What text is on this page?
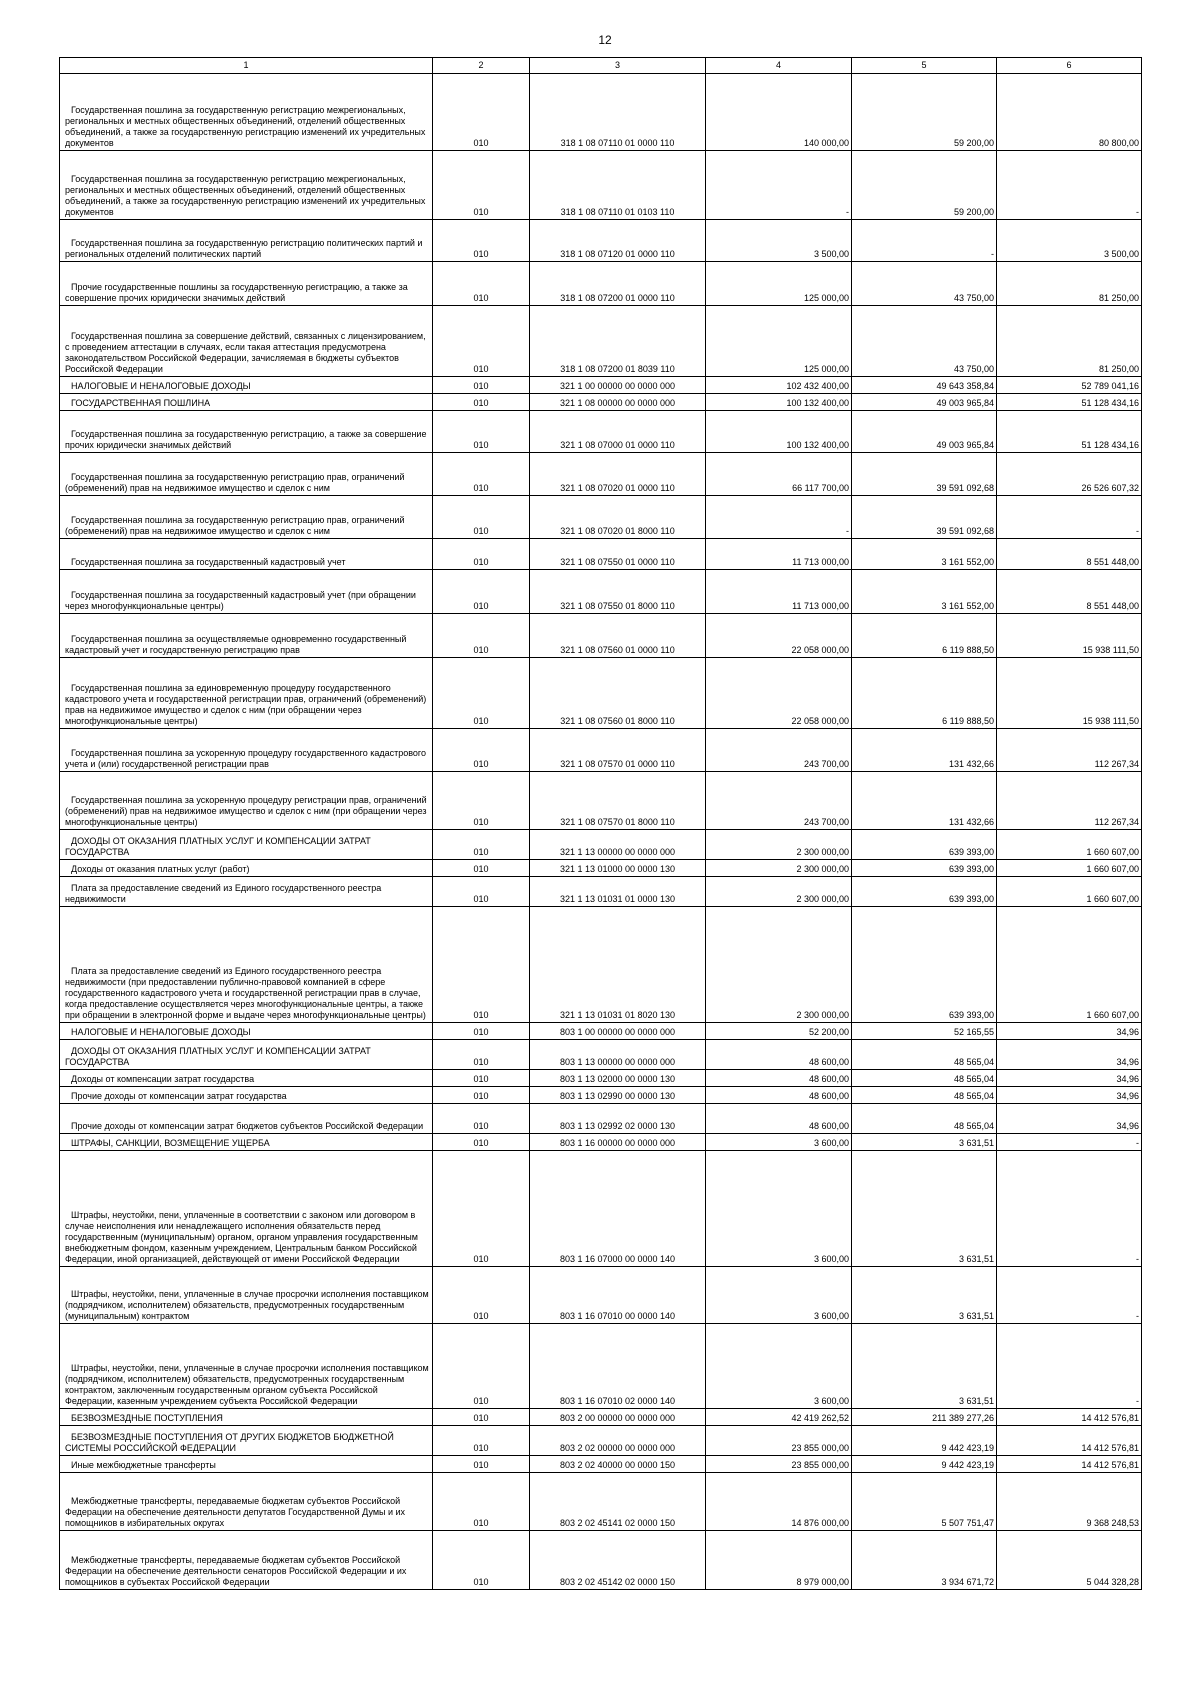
12
1	2	3	4	5	6

Государственная пошлина за государственную регистрацию межрегиональных, региональных и местных общественных объединений, отделений общественных объединений, а также за государственную регистрацию изменений их учредительных документов	010	318 1 08 07110 01 0000 110	140 000,00	59 200,00	80 800,00

Государственная пошлина за государственную регистрацию межрегиональных, региональных и местных общественных объединений, отделений общественных объединений, а также за государственную регистрацию изменений их учредительных документов	010	318 1 08 07110 01 0103 110	-	59 200,00	-

Государственная пошлина за государственную регистрацию политических партий и региональных отделений политических партий	010	318 1 08 07120 01 0000 110	3 500,00	-	3 500,00

Прочие государственные пошлины за государственную регистрацию, а также за совершение прочих юридически значимых действий	010	318 1 08 07200 01 0000 110	125 000,00	43 750,00	81 250,00

Государственная пошлина за совершение действий, связанных с лицензированием, с проведением аттестации в случаях, если такая аттестация предусмотрена законодательством Российской Федерации, зачисляемая в бюджеты субъектов Российской Федерации	010	318 1 08 07200 01 8039 110	125 000,00	43 750,00	81 250,00

НАЛОГОВЫЕ И НЕНАЛОГОВЫЕ ДОХОДЫ	010	321 1 00 00000 00 0000 000	102 432 400,00	49 643 358,84	52 789 041,16

ГОСУДАРСТВЕННАЯ ПОШЛИНА	010	321 1 08 00000 00 0000 000	100 132 400,00	49 003 965,84	51 128 434,16

Государственная пошлина за государственную регистрацию, а также за совершение прочих юридически значимых действий	010	321 1 08 07000 01 0000 110	100 132 400,00	49 003 965,84	51 128 434,16

Государственная пошлина за государственную регистрацию прав, ограничений (обременений) прав на недвижимое имущество и сделок с ним	010	321 1 08 07020 01 0000 110	66 117 700,00	39 591 092,68	26 526 607,32

Государственная пошлина за государственную регистрацию прав, ограничений (обременений) прав на недвижимое имущество и сделок с ним	010	321 1 08 07020 01 8000 110	-	39 591 092,68	-

Государственная пошлина за государственный кадастровый учет	010	321 1 08 07550 01 0000 110	11 713 000,00	3 161 552,00	8 551 448,00

Государственная пошлина за государственный кадастровый учет (при обращении через многофункциональные центры)	010	321 1 08 07550 01 8000 110	11 713 000,00	3 161 552,00	8 551 448,00

Государственная пошлина за осуществляемые одновременно государственный кадастровый учет и государственную регистрацию прав	010	321 1 08 07560 01 0000 110	22 058 000,00	6 119 888,50	15 938 111,50

Государственная пошлина за единовременную процедуру государственного кадастрового учета и государственной регистрации прав, ограничений (обременений) прав на недвижимое имущество и сделок с ним (при обращении через многофункциональные центры)	010	321 1 08 07560 01 8000 110	22 058 000,00	6 119 888,50	15 938 111,50

Государственная пошлина за ускоренную процедуру государственного кадастрового учета и (или) государственной регистрации прав	010	321 1 08 07570 01 0000 110	243 700,00	131 432,66	112 267,34

Государственная пошлина за ускоренную процедуру регистрации прав, ограничений (обременений) прав на недвижимое имущество и сделок с ним (при обращении через многофункциональные центры)	010	321 1 08 07570 01 8000 110	243 700,00	131 432,66	112 267,34

ДОХОДЫ ОТ ОКАЗАНИЯ ПЛАТНЫХ УСЛУГ И КОМПЕНСАЦИИ ЗАТРАТ ГОСУДАРСТВА	010	321 1 13 00000 00 0000 000	2 300 000,00	639 393,00	1 660 607,00

Доходы от оказания платных услуг (работ)	010	321 1 13 01000 00 0000 130	2 300 000,00	639 393,00	1 660 607,00

Плата за предоставление сведений из Единого государственного реестра недвижимости	010	321 1 13 01031 01 0000 130	2 300 000,00	639 393,00	1 660 607,00

Плата за предоставление сведений из Единого государственного реестра недвижимости (при предоставлении публично-правовой компанией в сфере государственного кадастрового учета и государственной регистрации прав в случае, когда предоставление осуществляется через многофункциональные центры, а также при обращении в электронной форме и выдаче через многофункциональные центры)	010	321 1 13 01031 01 8020 130	2 300 000,00	639 393,00	1 660 607,00

НАЛОГОВЫЕ И НЕНАЛОГОВЫЕ ДОХОДЫ	010	803 1 00 00000 00 0000 000	52 200,00	52 165,55	34,96

ДОХОДЫ ОТ ОКАЗАНИЯ ПЛАТНЫХ УСЛУГ И КОМПЕНСАЦИИ ЗАТРАТ ГОСУДАРСТВА	010	803 1 13 00000 00 0000 000	48 600,00	48 565,04	34,96

Доходы от компенсации затрат государства	010	803 1 13 02000 00 0000 130	48 600,00	48 565,04	34,96

Прочие доходы от компенсации затрат государства	010	803 1 13 02990 00 0000 130	48 600,00	48 565,04	34,96

Прочие доходы от компенсации затрат бюджетов субъектов Российской Федерации	010	803 1 13 02992 02 0000 130	48 600,00	48 565,04	34,96

ШТРАФЫ, САНКЦИИ, ВОЗМЕЩЕНИЕ УЩЕРБА	010	803 1 16 00000 00 0000 000	3 600,00	3 631,51	-

Штрафы, неустойки, пени, уплаченные в соответствии с законом или договором в случае неисполнения или ненадлежащего исполнения обязательств перед государственным (муниципальным) органом, органом управления государственным внебюджетным фондом, казенным учреждением, Центральным банком Российской Федерации, иной организацией, действующей от имени Российской Федерации	010	803 1 16 07000 00 0000 140	3 600,00	3 631,51	-

Штрафы, неустойки, пени, уплаченные в случае просрочки исполнения поставщиком (подрядчиком, исполнителем) обязательств, предусмотренных государственным (муниципальным) контрактом	010	803 1 16 07010 00 0000 140	3 600,00	3 631,51	-

Штрафы, неустойки, пени, уплаченные в случае просрочки исполнения поставщиком (подрядчиком, исполнителем) обязательств, предусмотренных государственным контрактом, заключенным государственным органом субъекта Российской Федерации, казенным учреждением субъекта Российской Федерации	010	803 1 16 07010 02 0000 140	3 600,00	3 631,51	-

БЕЗВОЗМЕЗДНЫЕ ПОСТУПЛЕНИЯ	010	803 2 00 00000 00 0000 000	42 419 262,52	211 389 277,26	14 412 576,81

БЕЗВОЗМЕЗДНЫЕ ПОСТУПЛЕНИЯ ОТ ДРУГИХ БЮДЖЕТОВ БЮДЖЕТНОЙ СИСТЕМЫ РОССИЙСКОЙ ФЕДЕРАЦИИ	010	803 2 02 00000 00 0000 000	23 855 000,00	9 442 423,19	14 412 576,81

Иные межбюджетные трансферты	010	803 2 02 40000 00 0000 150	23 855 000,00	9 442 423,19	14 412 576,81

Межбюджетные трансферты, передаваемые бюджетам субъектов Российской Федерации на обеспечение деятельности депутатов Государственной Думы и их помощников в избирательных округах	010	803 2 02 45141 02 0000 150	14 876 000,00	5 507 751,47	9 368 248,53

Межбюджетные трансферты, передаваемые бюджетам субъектов Российской Федерации на обеспечение деятельности сенаторов Российской Федерации и их помощников в субъектах Российской Федерации	010	803 2 02 45142 02 0000 150	8 979 000,00	3 934 671,72	5 044 328,28
